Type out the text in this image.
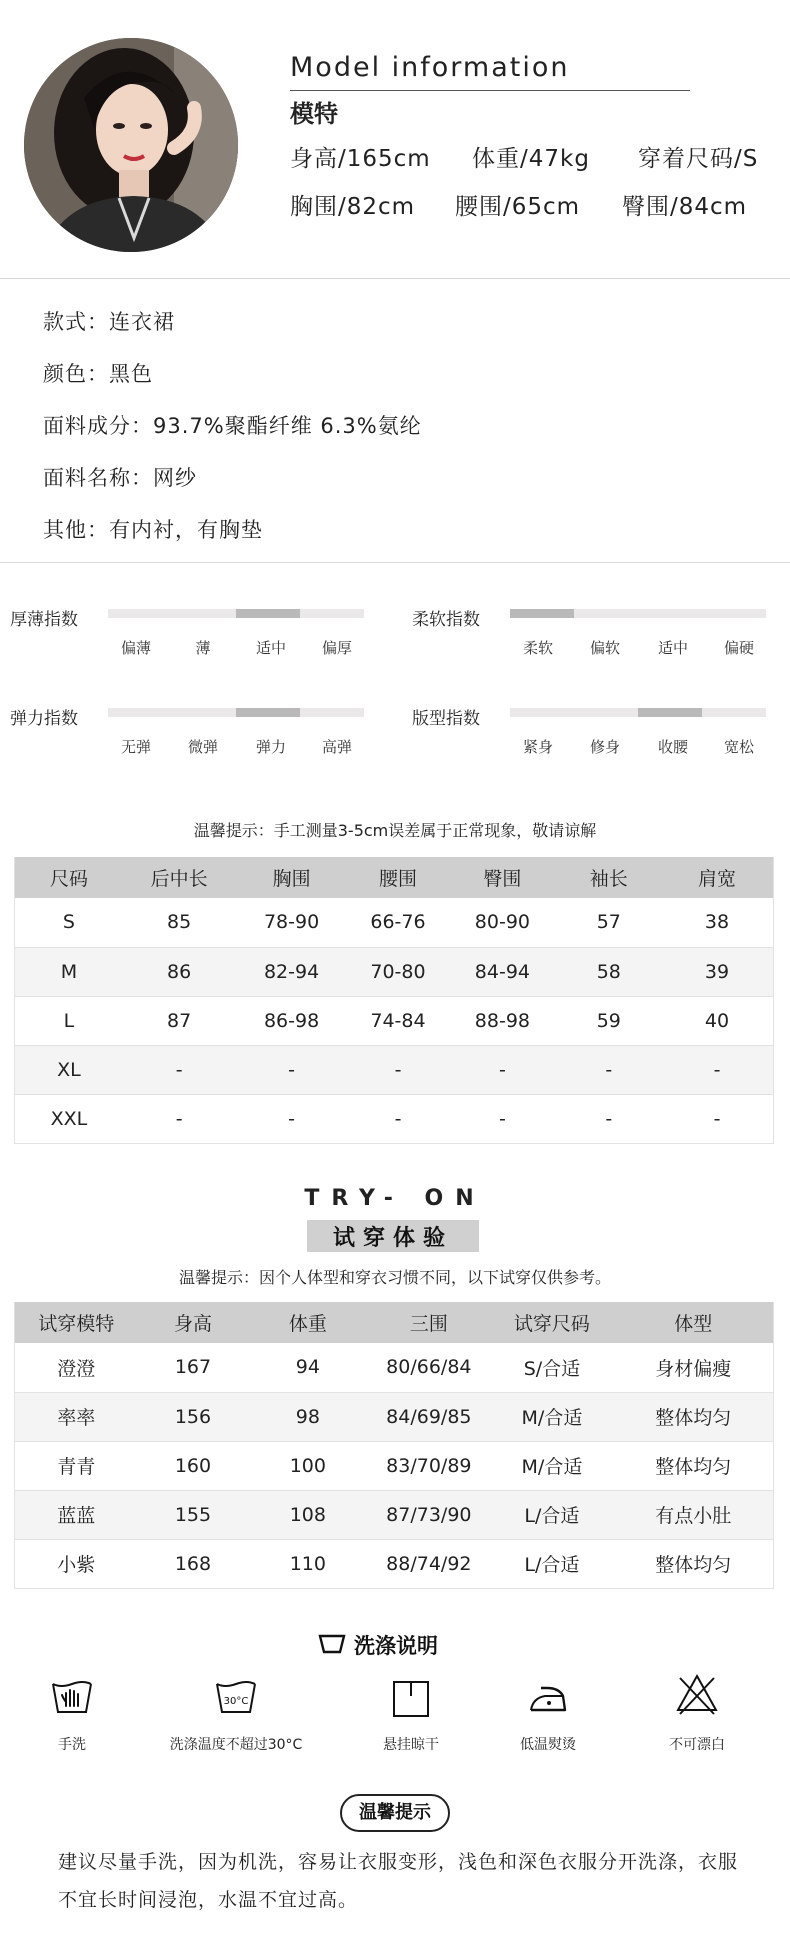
Model information
模特
身高/165cm 体重/47kg 穿着尺码/S
胸围/82cm 腰围/65cm 臀围/84cm
款式：连衣裙
颜色：黑色
面料成分：93.7%聚酯纤维 6.3%氨纶
面料名称：网纱
其他：有内衬，有胸垫
厚薄指数
偏薄	薄	适中	偏厚
柔软指数
柔软	偏软	适中	偏硬
弹力指数
无弹	微弹	弹力	高弹
版型指数
紧身	修身	收腰	宽松
温馨提示：手工测量3-5cm误差属于正常现象，敬请谅解
尺码	后中长	胸围	腰围	臀围	袖长	肩宽
S	85	78-90	66-76	80-90	57	38
M	86	82-94	70-80	84-94	58	39
L	87	86-98	74-84	88-98	59	40
XL	-	-	-	-	-	-
XXL	-	-	-	-	-	-
TRY- ON
试穿体验
温馨提示：因个人体型和穿衣习惯不同，以下试穿仅供参考。
试穿模特	身高	体重	三围	试穿尺码	体型
澄澄	167	94	80/66/84	S/合适	身材偏瘦
率率	156	98	84/69/85	M/合适	整体均匀
青青	160	100	83/70/89	M/合适	整体均匀
蓝蓝	155	108	87/73/90	L/合适	有点小肚
小紫	168	110	88/74/92	L/合适	整体均匀
洗涤说明
30°C
手洗	洗涤温度不超过30°C	悬挂晾干	低温熨烫	不可漂白
温馨提示
建议尽量手洗，因为机洗，容易让衣服变形，浅色和深色衣服分开洗涤，衣服不宜长时间浸泡，水温不宜过高。
